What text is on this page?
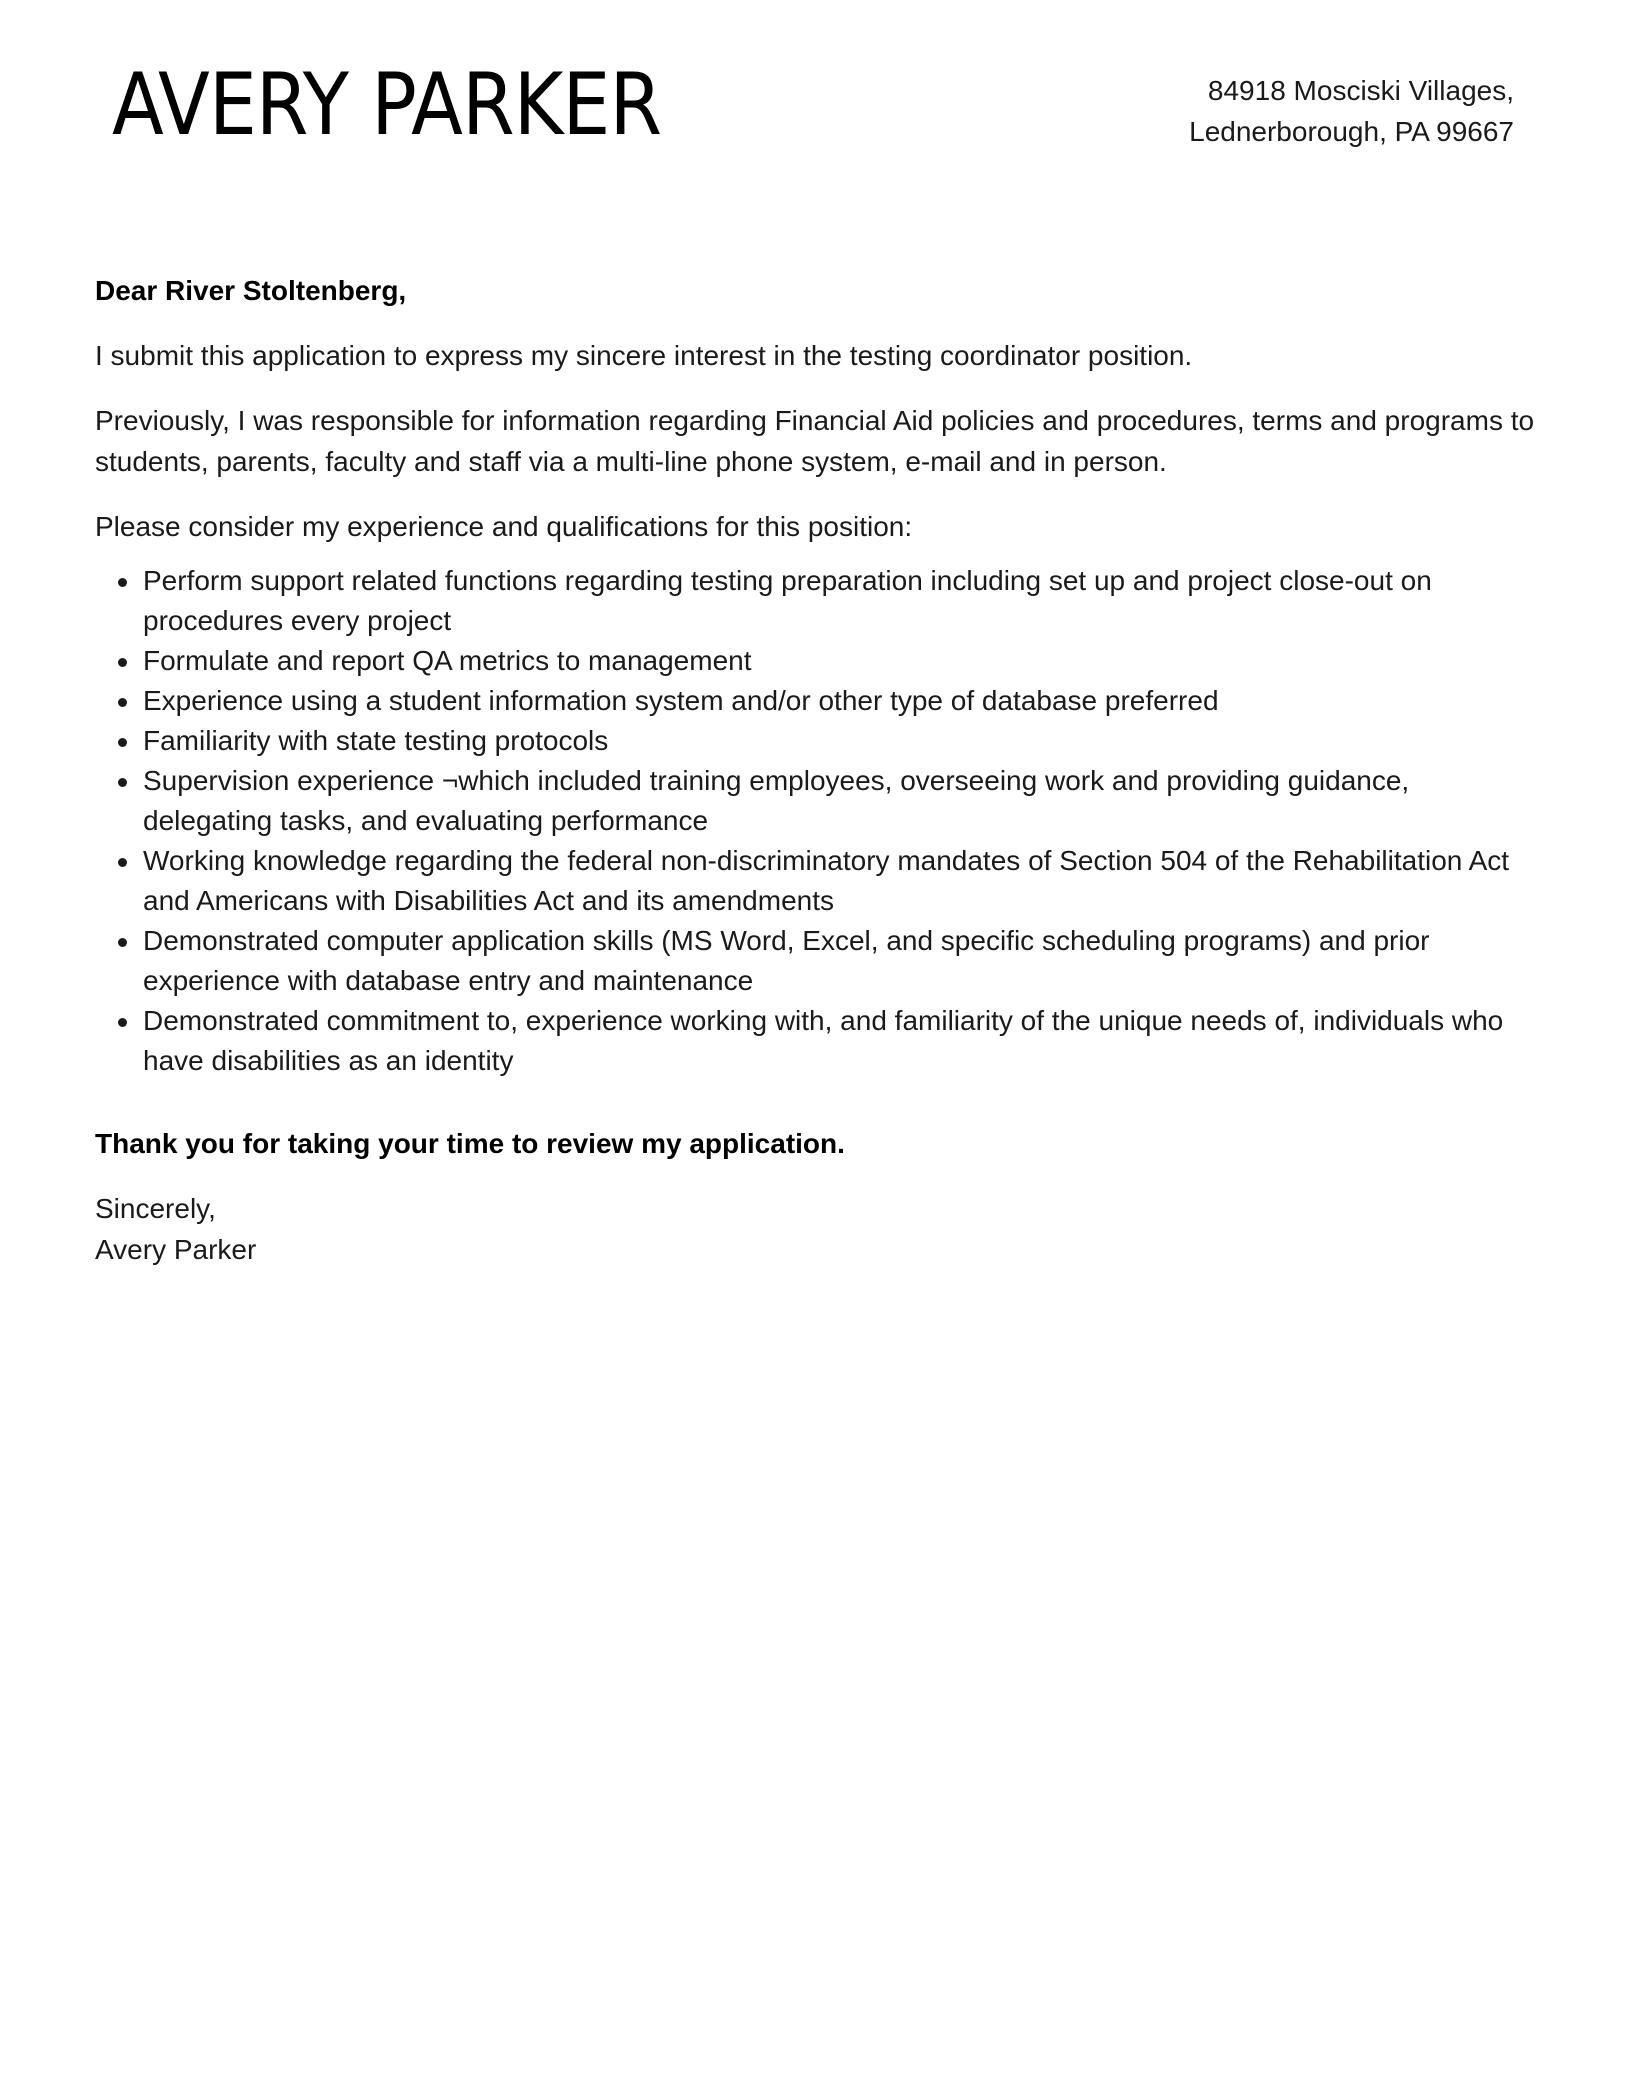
AVERY PARKER	84918 Mosciski Villages,
Lednerborough, PA 99667

Dear River Stoltenberg,

I submit this application to express my sincere interest in the testing coordinator position.

Previously, I was responsible for information regarding Financial Aid policies and procedures, terms and programs to students, parents, faculty and staff via a multi-line phone system, e-mail and in person.

Please consider my experience and qualifications for this position:

Perform support related functions regarding testing preparation including set up and project close-out on procedures every project
Formulate and report QA metrics to management
Experience using a student information system and/or other type of database preferred
Familiarity with state testing protocols
Supervision experience ¬which included training employees, overseeing work and providing guidance, delegating tasks, and evaluating performance
Working knowledge regarding the federal non-discriminatory mandates of Section 504 of the Rehabilitation Act and Americans with Disabilities Act and its amendments
Demonstrated computer application skills (MS Word, Excel, and specific scheduling programs) and prior experience with database entry and maintenance
Demonstrated commitment to, experience working with, and familiarity of the unique needs of, individuals who have disabilities as an identity

Thank you for taking your time to review my application.

Sincerely,

Avery Parker
